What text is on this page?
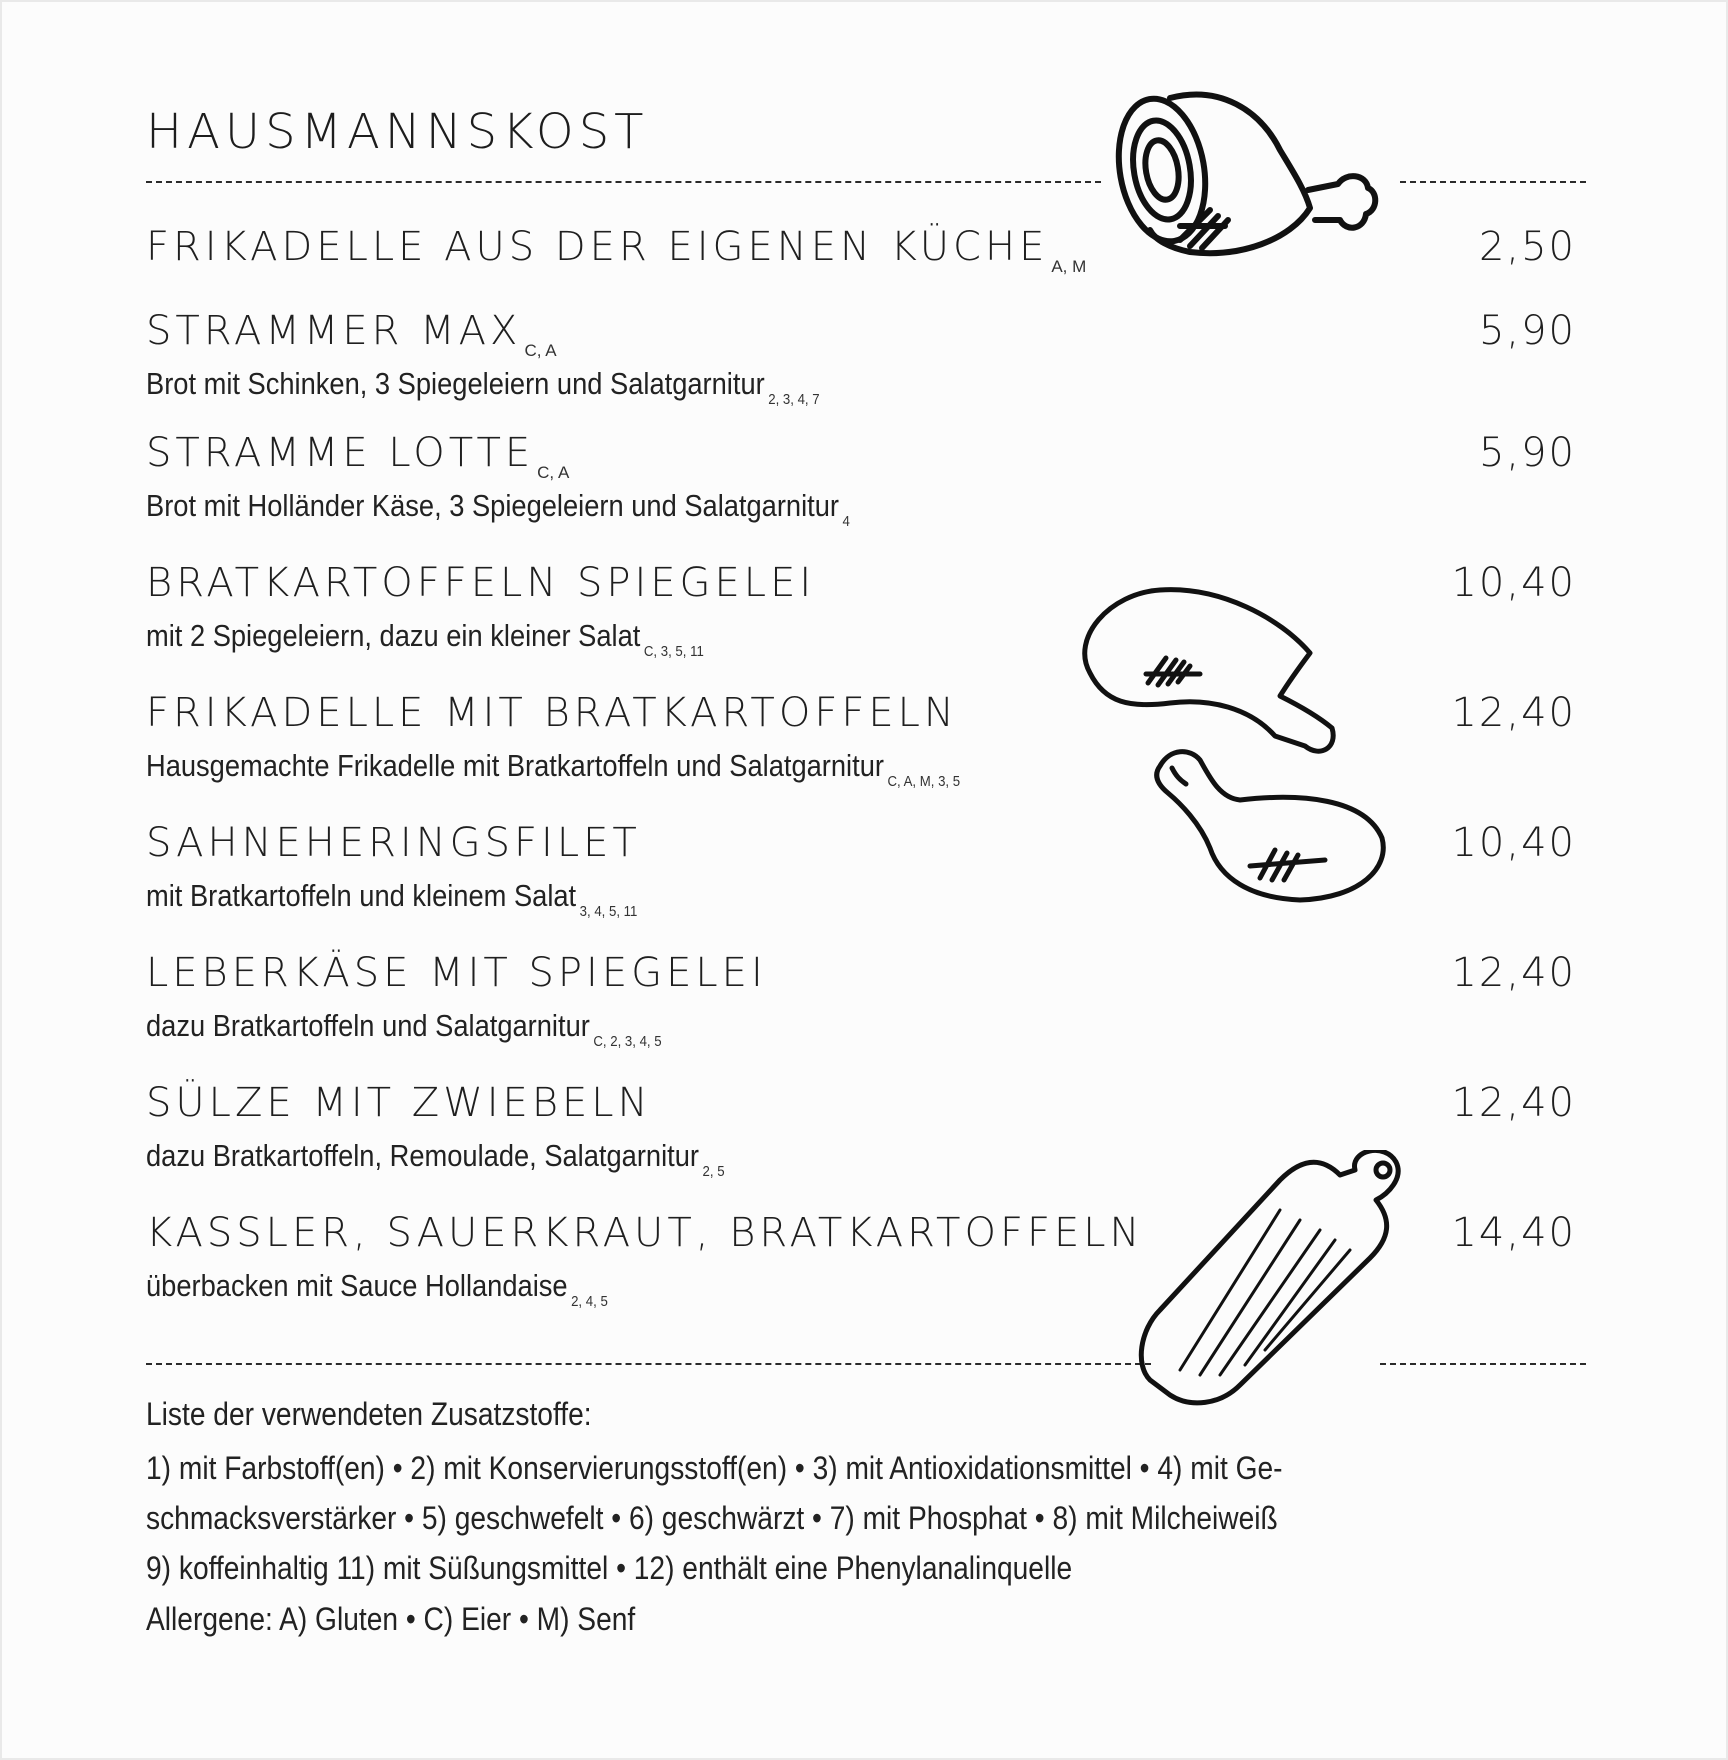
HAUSMANNSKOST
FRIKADELLE AUS DER EIGENEN KÜCHE $_{A, M}$	2,50
STRAMMER MAX $_{C, A}$	5,90
Brot mit Schinken, 3 Spiegeleiern und Salatgarnitur $_{2, 3, 4, 7}$
STRAMME LOTTE $_{C, A}$	5,90
Brot mit Holländer Käse, 3 Spiegeleiern und Salatgarnitur $_4$
BRATKARTOFFELN SPIEGELEI	10,40
mit 2 Spiegeleiern, dazu ein kleiner Salat $_{C, 3, 5, 11}$
FRIKADELLE MIT BRATKARTOFFELN	12,40
Hausgemachte Frikadelle mit Bratkartoffeln und Salatgarnitur $_{C, A, M, 3, 5}$
SAHNEHERINGSFILET	10,40
mit Bratkartoffeln und kleinem Salat $_{3, 4, 5, 11}$
LEBERKÄSE MIT SPIEGELEI	12,40
dazu Bratkartoffeln und Salatgarnitur $_{C, 2, 3, 4, 5}$
SÜLZE MIT ZWIEBELN	12,40
dazu Bratkartoffeln, Remoulade, Salatgarnitur $_{2, 5}$
KASSLER, SAUERKRAUT, BRATKARTOFFELN	14,40
überbacken mit Sauce Hollandaise $_{2, 4, 5}$
Liste der verwendeten Zusatzstoffe:
1) mit Farbstoff(en) • 2) mit Konservierungsstoff(en) • 3) mit Antioxidationsmittel • 4) mit Ge-
schmacksverstärker • 5) geschwefelt • 6) geschwärzt • 7) mit Phosphat • 8) mit Milcheiweiß
9) koffeinhaltig 11) mit Süßungsmittel • 12) enthält eine Phenylanalinquelle
Allergene: A) Gluten • C) Eier • M) Senf
